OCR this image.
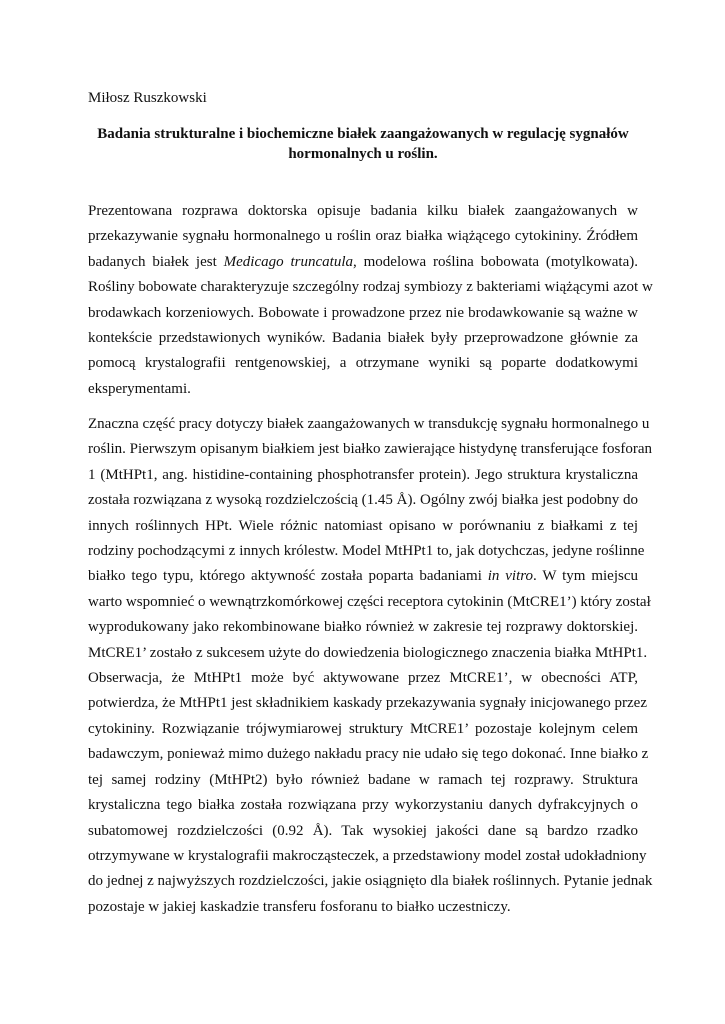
Miłosz Ruszkowski

Badania strukturalne i biochemiczne białek zaangażowanych w regulację sygnałów hormonalnych u roślin.

Prezentowana rozprawa doktorska opisuje badania kilku białek zaangażowanych w
przekazywanie sygnału hormonalnego u roślin oraz białka wiążącego cytokininy. Źródłem
badanych białek jest Medicago truncatula, modelowa roślina bobowata (motylkowata).
Rośliny bobowate charakteryzuje szczególny rodzaj symbiozy z bakteriami wiążącymi azot w
brodawkach korzeniowych. Bobowate i prowadzone przez nie brodawkowanie są ważne w
kontekście przedstawionych wyników. Badania białek były przeprowadzone głównie za
pomocą krystalografii rentgenowskiej, a otrzymane wyniki są poparte dodatkowymi
eksperymentami.
Znaczna część pracy dotyczy białek zaangażowanych w transdukcję sygnału hormonalnego u
roślin. Pierwszym opisanym białkiem jest białko zawierające histydynę transferujące fosforan
1 (MtHPt1, ang. histidine-containing phosphotransfer protein). Jego struktura krystaliczna
została rozwiązana z wysoką rozdzielczością (1.45 Å). Ogólny zwój białka jest podobny do
innych roślinnych HPt. Wiele różnic natomiast opisano w porównaniu z białkami z tej
rodziny pochodzącymi z innych królestw. Model MtHPt1 to, jak dotychczas, jedyne roślinne
białko tego typu, którego aktywność została poparta badaniami in vitro. W tym miejscu
warto wspomnieć o wewnątrzkomórkowej części receptora cytokinin (MtCRE1’) który został
wyprodukowany jako rekombinowane białko również w zakresie tej rozprawy doktorskiej.
MtCRE1’ zostało z sukcesem użyte do dowiedzenia biologicznego znaczenia białka MtHPt1.
Obserwacja, że MtHPt1 może być aktywowane przez MtCRE1’, w obecności ATP,
potwierdza, że MtHPt1 jest składnikiem kaskady przekazywania sygnały inicjowanego przez
cytokininy. Rozwiązanie trójwymiarowej struktury MtCRE1’ pozostaje kolejnym celem
badawczym, ponieważ mimo dużego nakładu pracy nie udało się tego dokonać. Inne białko z
tej samej rodziny (MtHPt2) było również badane w ramach tej rozprawy. Struktura
krystaliczna tego białka została rozwiązana przy wykorzystaniu danych dyfrakcyjnych o
subatomowej rozdzielczości (0.92 Å). Tak wysokiej jakości dane są bardzo rzadko
otrzymywane w krystalografii makrocząsteczek, a przedstawiony model został udokładniony
do jednej z najwyższych rozdzielczości, jakie osiągnięto dla białek roślinnych. Pytanie jednak
pozostaje w jakiej kaskadzie transferu fosforanu to białko uczestniczy.
